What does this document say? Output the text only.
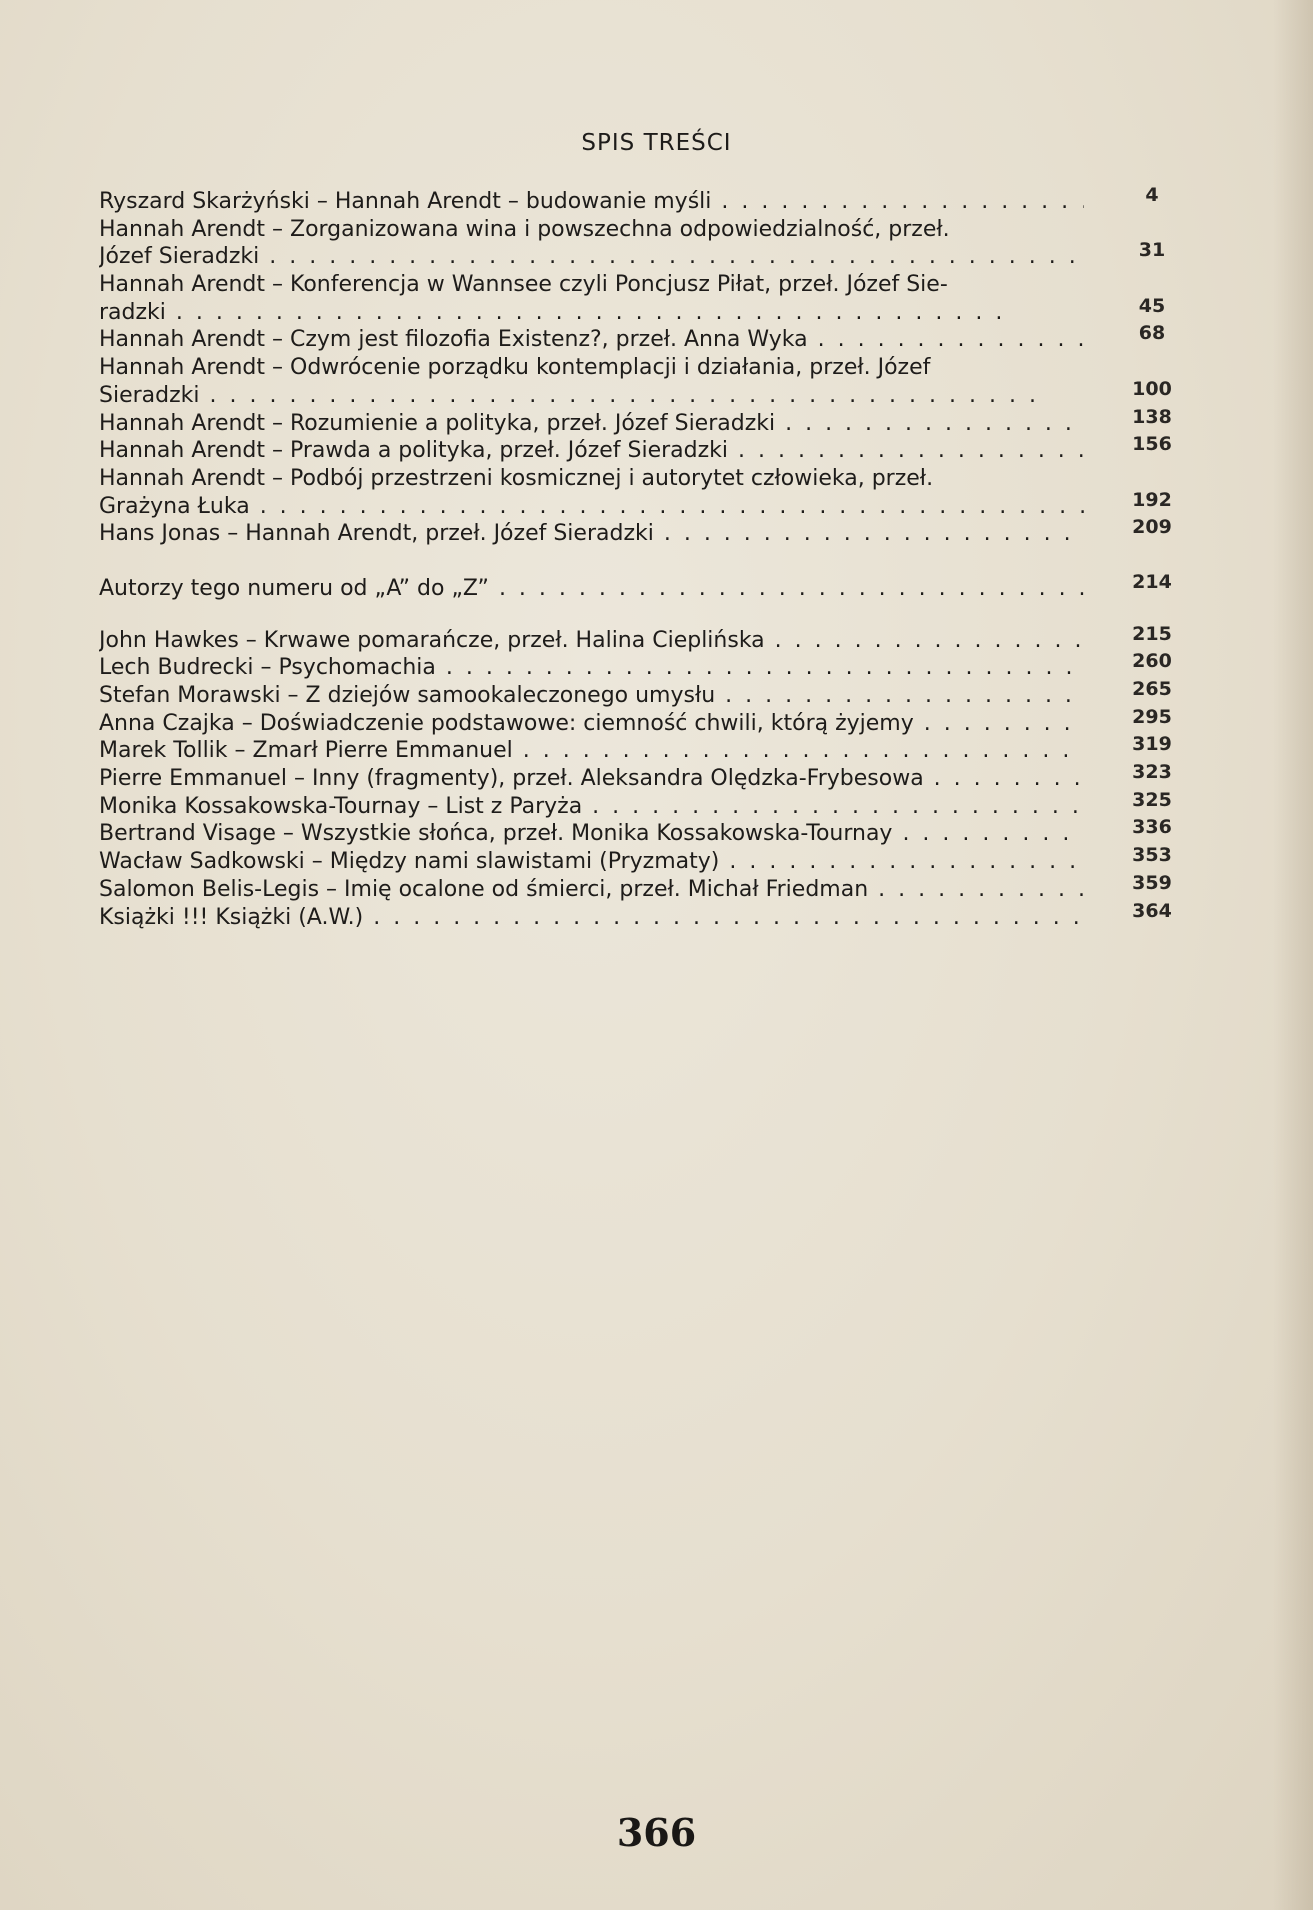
SPIS TREŚCI
Ryszard Skarżyński – Hannah Arendt – budowanie myśli . .	4
Hannah Arendt – Zorganizowana wina i powszechna odpowiedzialność, przeł.
Józef Sieradzki . .	31
Hannah Arendt – Konferencja w Wannsee czyli Poncjusz Piłat, przeł. Józef Sie-
radzki . .	45
Hannah Arendt – Czym jest filozofia Existenz?, przeł. Anna Wyka . .	68
Hannah Arendt – Odwrócenie porządku kontemplacji i działania, przeł. Józef
Sieradzki . .	100
Hannah Arendt – Rozumienie a polityka, przeł. Józef Sieradzki . .	138
Hannah Arendt – Prawda a polityka, przeł. Józef Sieradzki . .	156
Hannah Arendt – Podbój przestrzeni kosmicznej i autorytet człowieka, przeł.
Grażyna Łuka . .	192
Hans Jonas – Hannah Arendt, przeł. Józef Sieradzki . .	209
Autorzy tego numeru od „A” do „Z” . .	214
John Hawkes – Krwawe pomarańcze, przeł. Halina Cieplińska . .	215
Lech Budrecki – Psychomachia . .	260
Stefan Morawski – Z dziejów samookaleczonego umysłu . .	265
Anna Czajka – Doświadczenie podstawowe: ciemność chwili, którą żyjemy . .	295
Marek Tollik – Zmarł Pierre Emmanuel . .	319
Pierre Emmanuel – Inny (fragmenty), przeł. Aleksandra Olędzka-Frybesowa . .	323
Monika Kossakowska-Tournay – List z Paryża . .	325
Bertrand Visage – Wszystkie słońca, przeł. Monika Kossakowska-Tournay . .	336
Wacław Sadkowski – Między nami slawistami (Pryzmaty) . .	353
Salomon Belis-Legis – Imię ocalone od śmierci, przeł. Michał Friedman . .	359
Książki !!! Książki (A.W.) . .	364
366
